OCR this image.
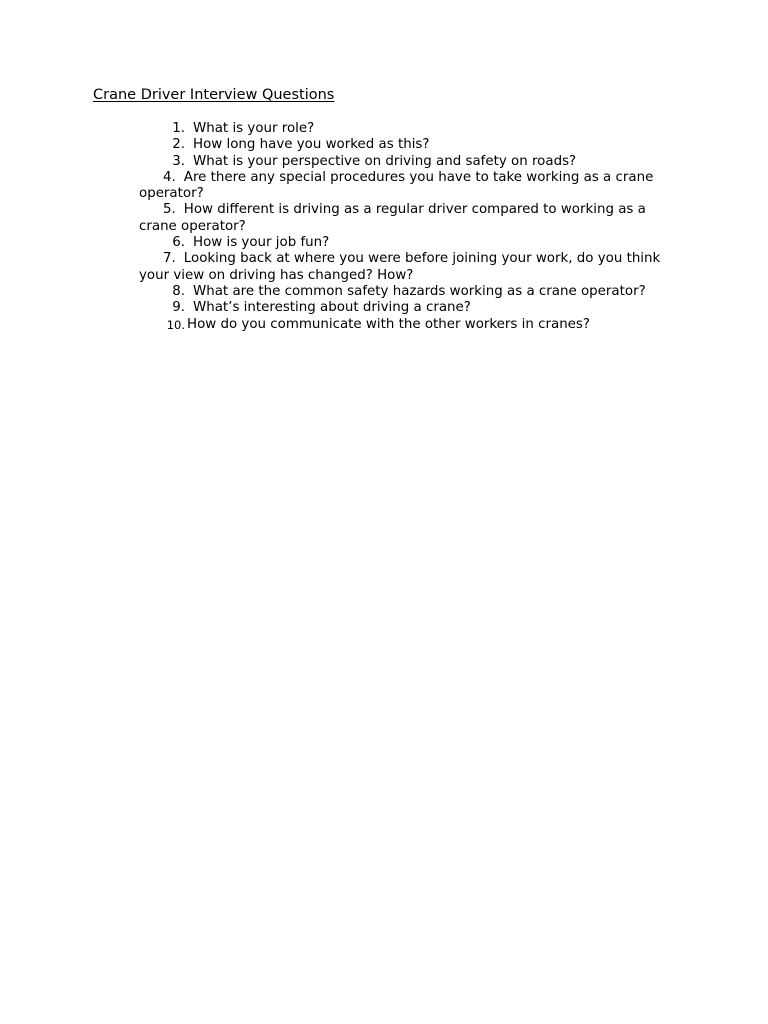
Crane Driver Interview Questions
1. What is your role?
2. How long have you worked as this?
3. What is your perspective on driving and safety on roads?
4. Are there any special procedures you have to take working as a crane operator?
5. How different is driving as a regular driver compared to working as a crane operator?
6. How is your job fun?
7. Looking back at where you were before joining your work, do you think your view on driving has changed? How?
8. What are the common safety hazards working as a crane operator?
9. What’s interesting about driving a crane?
10. How do you communicate with the other workers in cranes?
